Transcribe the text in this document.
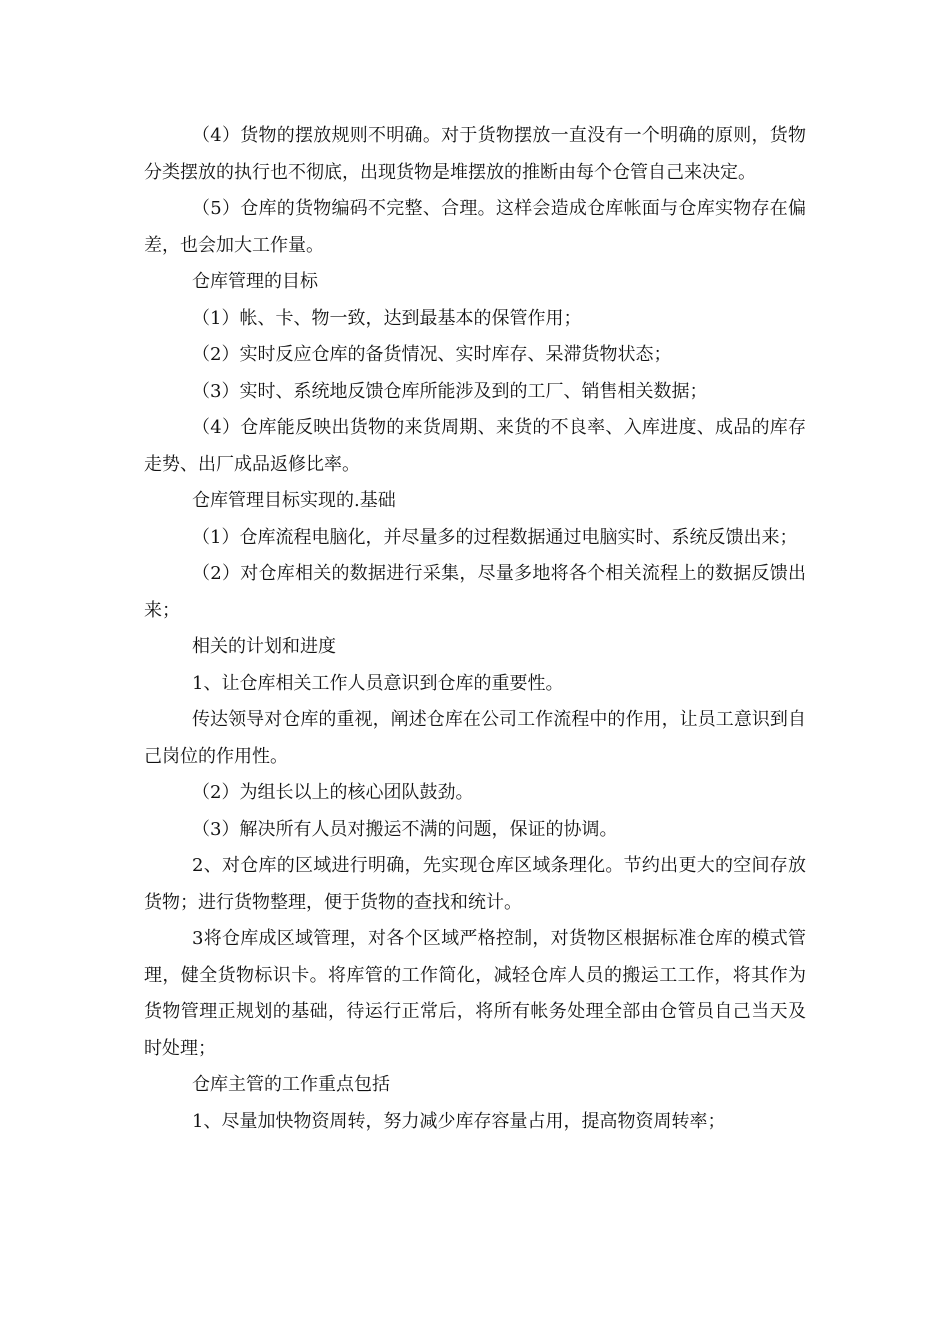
（4）货物的摆放规则不明确。对于货物摆放一直没有一个明确的原则，货物分类摆放的执行也不彻底，出现货物是堆摆放的推断由每个仓管自己来决定。

（5）仓库的货物编码不完整、合理。这样会造成仓库帐面与仓库实物存在偏差，也会加大工作量。

仓库管理的目标

（1）帐、卡、物一致，达到最基本的保管作用；

（2）实时反应仓库的备货情况、实时库存、呆滞货物状态；

（3）实时、系统地反馈仓库所能涉及到的工厂、销售相关数据；

（4）仓库能反映出货物的来货周期、来货的不良率、入库进度、成品的库存走势、出厂成品返修比率。

仓库管理目标实现的.基础

（1）仓库流程电脑化，并尽量多的过程数据通过电脑实时、系统反馈出来；

（2）对仓库相关的数据进行采集，尽量多地将各个相关流程上的数据反馈出来；

相关的计划和进度

1、让仓库相关工作人员意识到仓库的重要性。

传达领导对仓库的重视，阐述仓库在公司工作流程中的作用，让员工意识到自己岗位的作用性。

（2）为组长以上的核心团队鼓劲。

（3）解决所有人员对搬运不满的问题，保证的协调。

2、对仓库的区域进行明确，先实现仓库区域条理化。节约出更大的空间存放货物；进行货物整理，便于货物的查找和统计。

3将仓库成区域管理，对各个区域严格控制，对货物区根据标准仓库的模式管理，健全货物标识卡。将库管的工作简化，减轻仓库人员的搬运工工作，将其作为货物管理正规划的基础，待运行正常后，将所有帐务处理全部由仓管员自己当天及时处理；

仓库主管的工作重点包括

1、尽量加快物资周转，努力减少库存容量占用，提高物资周转率；
